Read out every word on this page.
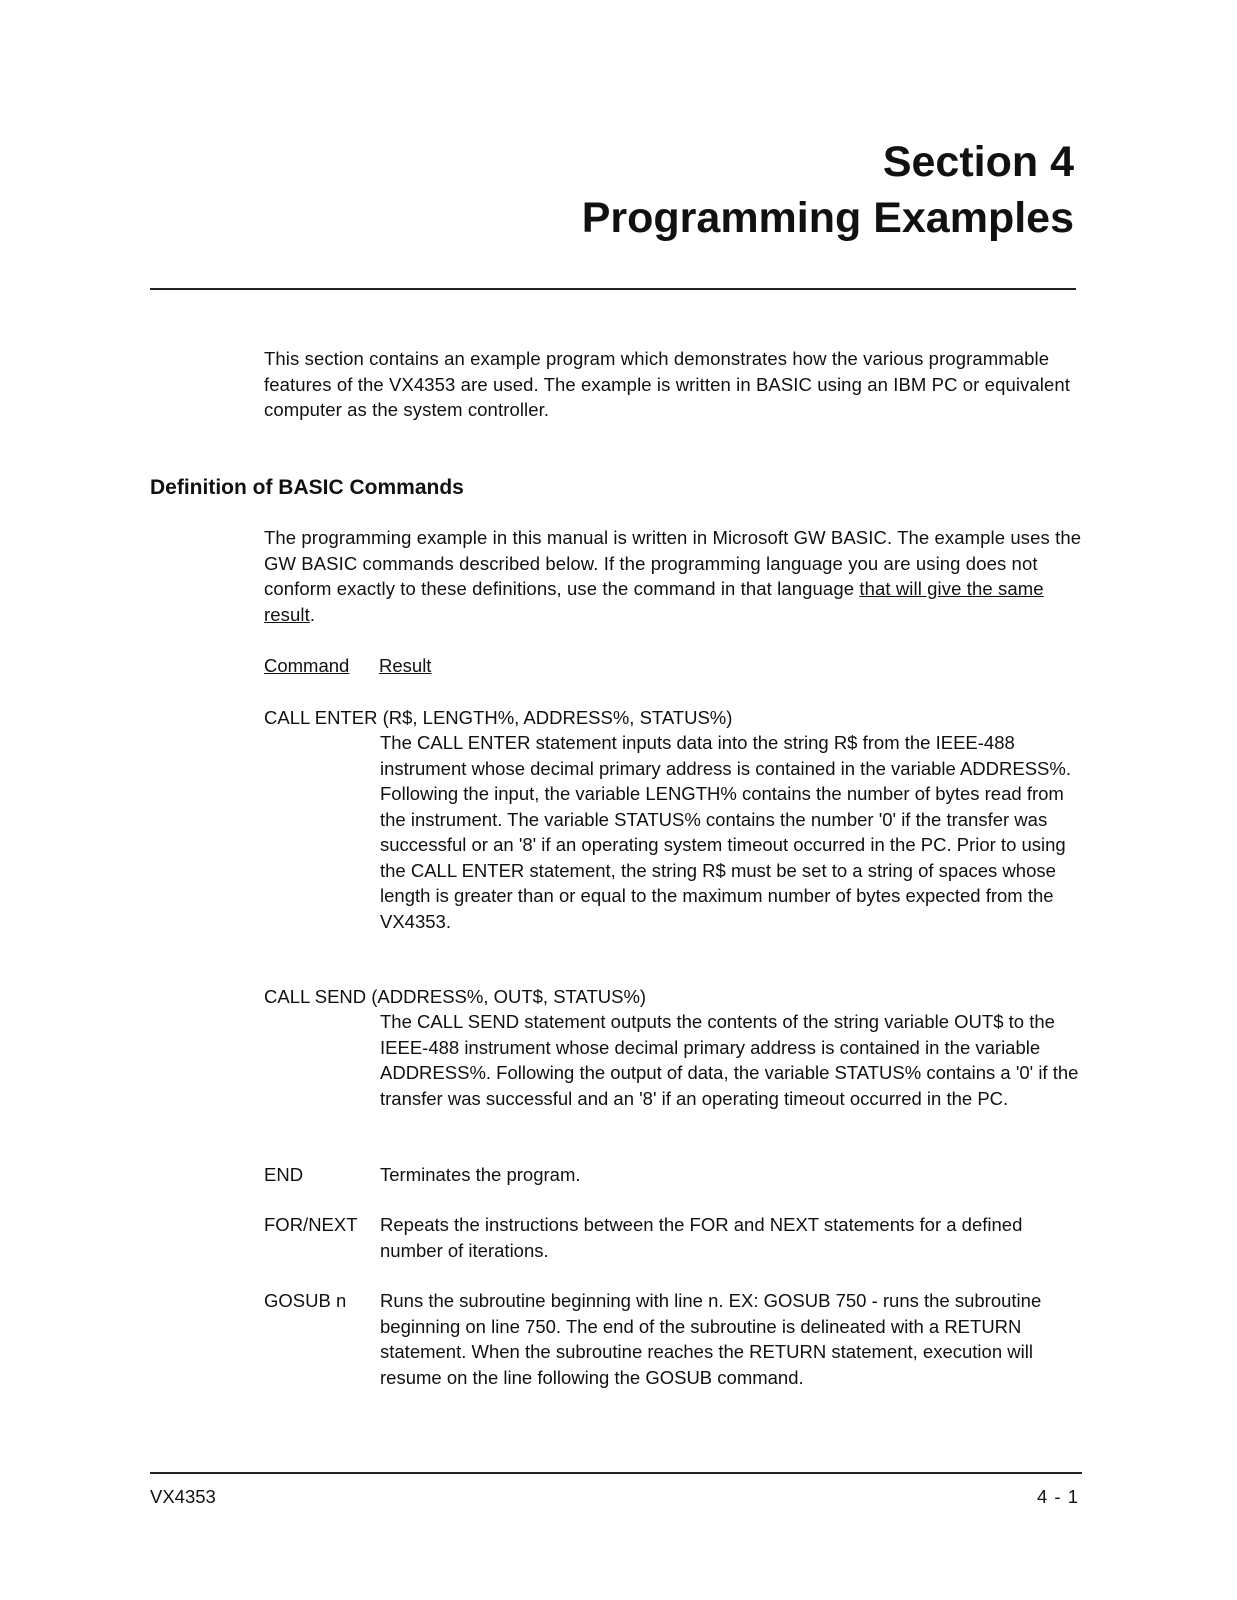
Section 4
Programming Examples

This section contains an example program which demonstrates how the various programmable features of the VX4353 are used. The example is written in BASIC using an IBM PC or equivalent computer as the system controller.

Definition of BASIC Commands

The programming example in this manual is written in Microsoft GW BASIC. The example uses the GW BASIC commands described below. If the programming language you are using does not conform exactly to these definitions, use the command in that language that will give the same result.

Command Result
CALL ENTER (R$, LENGTH%, ADDRESS%, STATUS%)
The CALL ENTER statement inputs data into the string R$ from the IEEE-488 instrument whose decimal primary address is contained in the variable ADDRESS%. Following the input, the variable LENGTH% contains the number of bytes read from the instrument. The variable STATUS% contains the number '0' if the transfer was successful or an '8' if an operating system timeout occurred in the PC. Prior to using the CALL ENTER statement, the string R$ must be set to a string of spaces whose length is greater than or equal to the maximum number of bytes expected from the VX4353.
CALL SEND (ADDRESS%, OUT$, STATUS%)
The CALL SEND statement outputs the contents of the string variable OUT$ to the IEEE-488 instrument whose decimal primary address is contained in the variable ADDRESS%. Following the output of data, the variable STATUS% contains a '0' if the transfer was successful and an '8' if an operating timeout occurred in the PC.
END	Terminates the program.
FOR/NEXT Repeats the instructions between the FOR and NEXT statements for a defined number of iterations.
GOSUB n Runs the subroutine beginning with line n. EX: GOSUB 750 - runs the subroutine beginning on line 750. The end of the subroutine is delineated with a RETURN statement. When the subroutine reaches the RETURN statement, execution will resume on the line following the GOSUB command.
VX4353	4 - 1
